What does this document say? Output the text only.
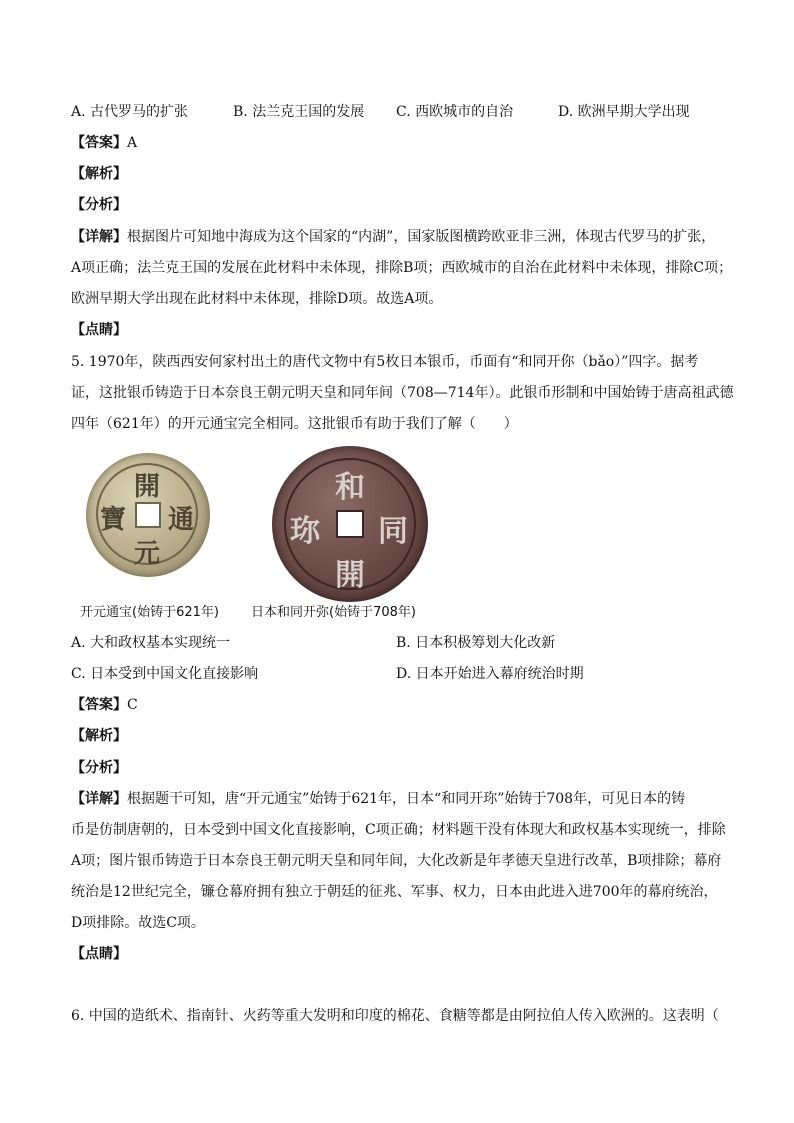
A. 古代罗马的扩张	B. 法兰克王国的发展 C. 西欧城市的自治	D. 欧洲早期大学出现
【答案】A
【解析】
【分析】
【详解】根据图片可知地中海成为这个国家的“内湖”，国家版图横跨欧亚非三洲，体现古代罗马的扩张，
A项正确；法兰克王国的发展在此材料中未体现，排除B项；西欧城市的自治在此材料中未体现，排除C项；
欧洲早期大学出现在此材料中未体现，排除D项。故选A项。
【点睛】
5. 1970年，陕西西安何家村出土的唐代文物中有5枚日本银币，币面有“和同开你（bǎo）”四字。据考
证，这批银币铸造于日本奈良王朝元明天皇和同年间（708—714年）。此银币形制和中国始铸于唐高祖武德
四年（621年）的开元通宝完全相同。这批银币有助于我们了解（　　）
開
元
寶 通
开元通宝(始铸于621年)
和
開
珎 同
日本和同开弥(始铸于708年)
A. 大和政权基本实现统一	B. 日本积极筹划大化改新
C. 日本受到中国文化直接影响	D. 日本开始进入幕府统治时期
【答案】C
【解析】
【分析】
【详解】根据题干可知，唐“开元通宝”始铸于621年，日本“和同开珎”始铸于708年，可见日本的铸
币是仿制唐朝的，日本受到中国文化直接影响，C项正确；材料题干没有体现大和政权基本实现统一，排除
A项；图片银币铸造于日本奈良王朝元明天皇和同年间，大化改新是年孝德天皇进行改革，B项排除；幕府
统治是12世纪完全，镰仓幕府拥有独立于朝廷的征兆、军事、权力，日本由此进入进700年的幕府统治，
D项排除。故选C项。
【点睛】
6. 中国的造纸术、指南针、火药等重大发明和印度的棉花、食糖等都是由阿拉伯人传入欧洲的。这表明（
